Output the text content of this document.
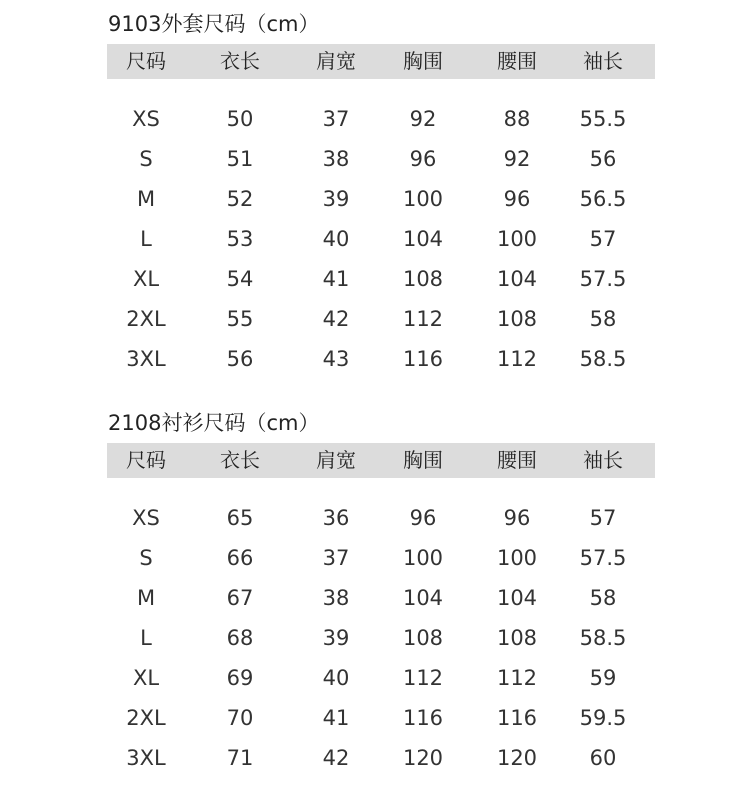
9103外套尺码（cm）
尺码	衣长	肩宽	胸围	腰围	袖长
XS	50	37	92	88	55.5
S	51	38	96	92	56
M	52	39	100	96	56.5
L	53	40	104	100	57
XL	54	41	108	104	57.5
2XL	55	42	112	108	58
3XL	56	43	116	112	58.5
2108衬衫尺码（cm）
尺码	衣长	肩宽	胸围	腰围	袖长
XS	65	36	96	96	57
S	66	37	100	100	57.5
M	67	38	104	104	58
L	68	39	108	108	58.5
XL	69	40	112	112	59
2XL	70	41	116	116	59.5
3XL	71	42	120	120	60
